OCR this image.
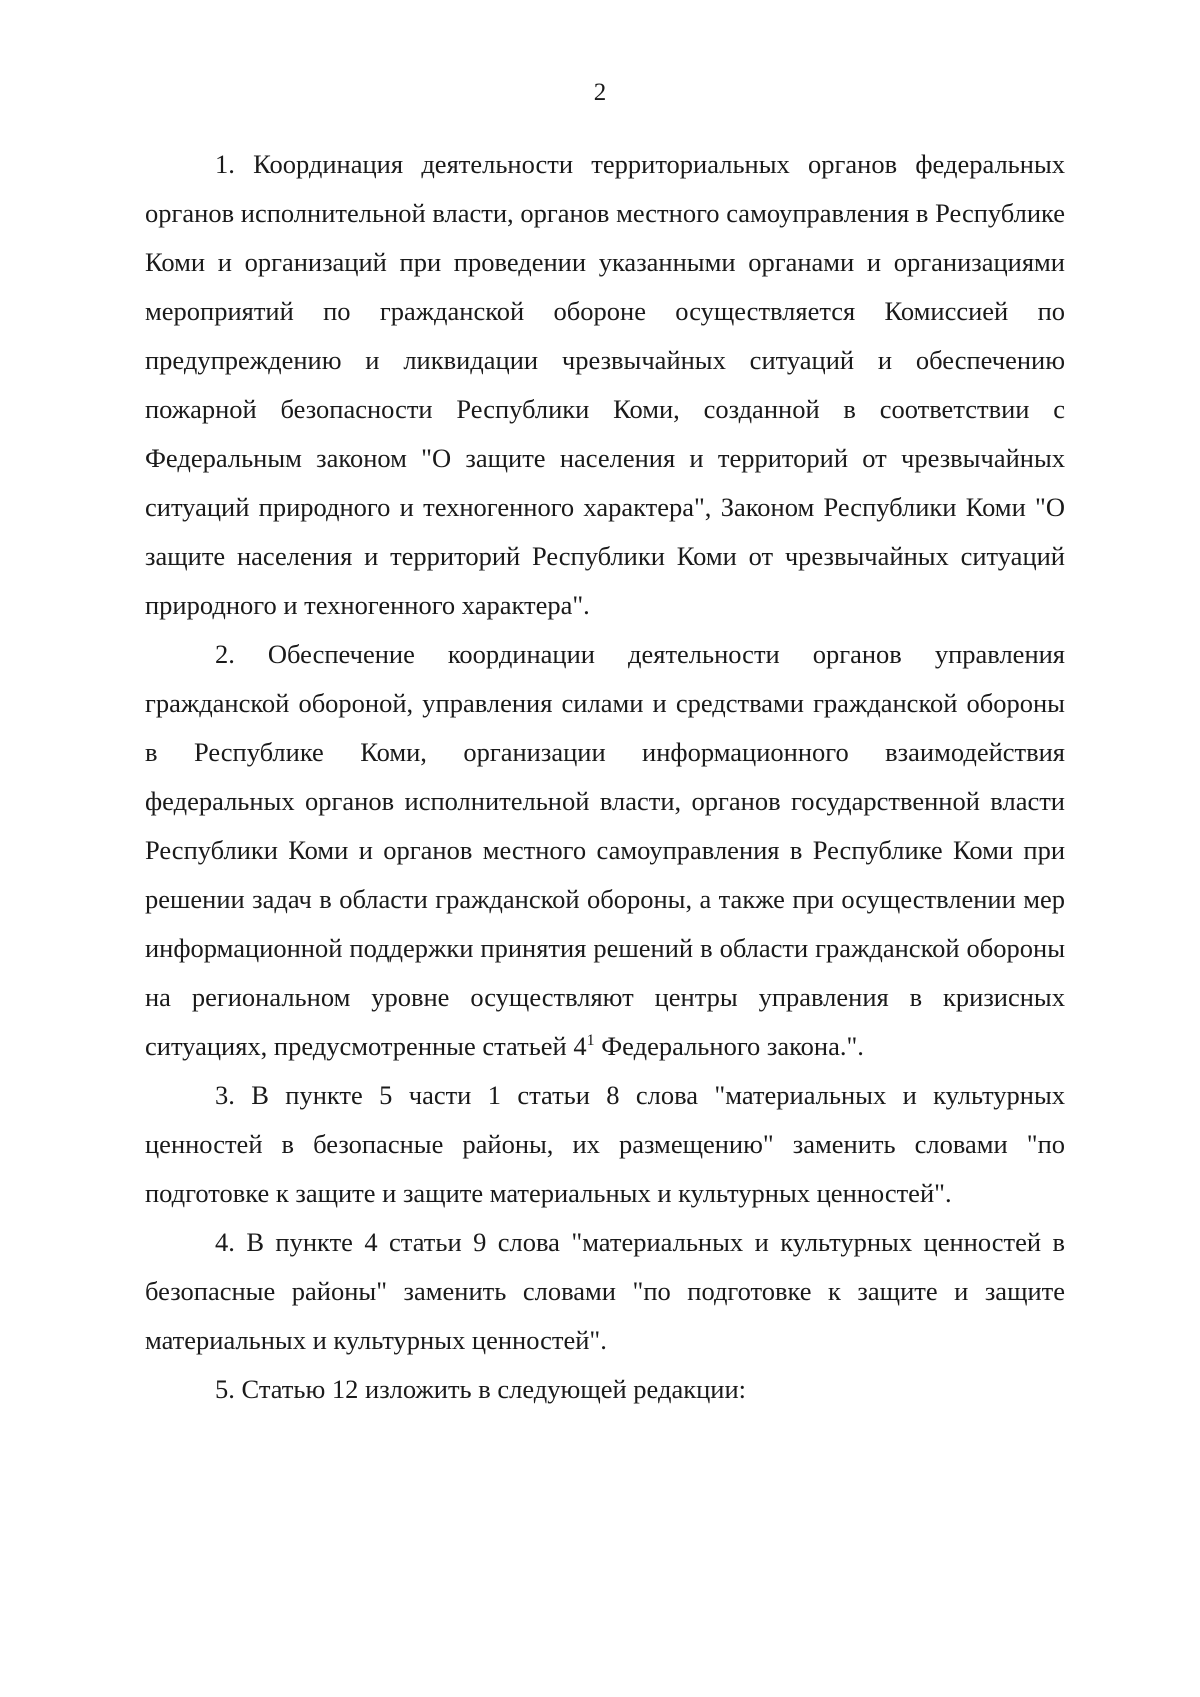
2

1. Координация деятельности территориальных органов федеральных органов исполнительной власти, органов местного самоуправления в Республике Коми и организаций при проведении указанными органами и организациями мероприятий по гражданской обороне осуществляется Комиссией по предупреждению и ликвидации чрезвычайных ситуаций и обеспечению пожарной безопасности Республики Коми, созданной в соответствии с Федеральным законом "О защите населения и территорий от чрезвычайных ситуаций природного и техногенного характера", Законом Республики Коми "О защите населения и территорий Республики Коми от чрезвычайных ситуаций природного и техногенного характера".

2. Обеспечение координации деятельности органов управления гражданской обороной, управления силами и средствами гражданской обороны в Республике Коми, организации информационного взаимодействия федеральных органов исполнительной власти, органов государственной власти Республики Коми и органов местного самоуправления в Республике Коми при решении задач в области гражданской обороны, а также при осуществлении мер информационной поддержки принятия решений в области гражданской обороны на региональном уровне осуществляют центры управления в кризисных ситуациях, предусмотренные статьей $4^1$ Федерального закона.".

3. В пункте 5 части 1 статьи 8 слова "материальных и культурных ценностей в безопасные районы, их размещению" заменить словами "по подготовке к защите и защите материальных и культурных ценностей".

4. В пункте 4 статьи 9 слова "материальных и культурных ценностей в безопасные районы" заменить словами "по подготовке к защите и защите материальных и культурных ценностей".

5. Статью 12 изложить в следующей редакции:
